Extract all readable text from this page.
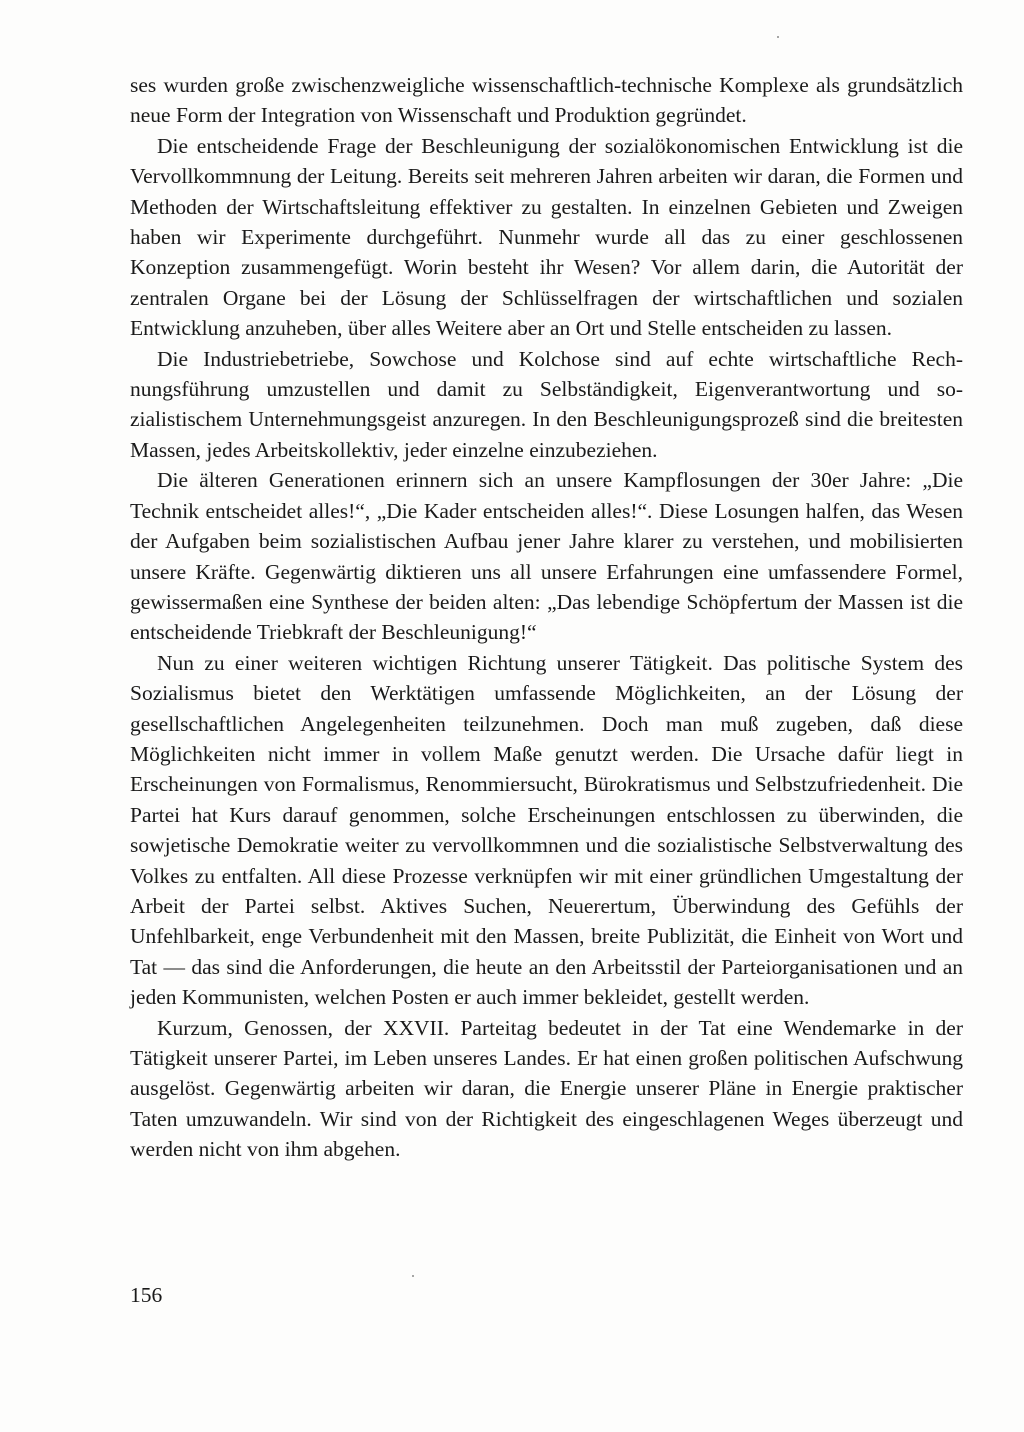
ses wurden große zwischenzweigliche wissenschaftlich-technische Komplexe als grundsätzlich neue Form der Integration von Wissenschaft und Produktion gegründet.

Die entscheidende Frage der Beschleunigung der sozialökonomischen Entwicklung ist die Vervollkommnung der Leitung. Bereits seit mehreren Jahren arbeiten wir daran, die Formen und Methoden der Wirtschaftsleitung effektiver zu gestalten. In einzelnen Gebieten und Zweigen haben wir Experimente durchgeführt. Nunmehr wurde all das zu einer geschlossenen Konzeption zusammengefügt. Worin besteht ihr Wesen? Vor allem darin, die Autorität der zentralen Organe bei der Lösung der Schlüsselfragen der wirtschaftlichen und sozialen Entwicklung anzuheben, über alles Weitere aber an Ort und Stelle entscheiden zu lassen.

Die Industriebetriebe, Sowchose und Kolchose sind auf echte wirtschaftliche Rechnungsführung umzustellen und damit zu Selbständigkeit, Eigenverantwortung und sozialistischem Unternehmungsgeist anzuregen. In den Beschleunigungsprozeß sind die breitesten Massen, jedes Arbeitskollektiv, jeder einzelne einzubeziehen.

Die älteren Generationen erinnern sich an unsere Kampflosungen der 30er Jahre: „Die Technik entscheidet alles!“, „Die Kader entscheiden alles!“. Diese Losungen halfen, das Wesen der Aufgaben beim sozialistischen Aufbau jener Jahre klarer zu verstehen, und mobilisierten unsere Kräfte. Gegenwärtig diktieren uns all unsere Erfahrungen eine umfassendere Formel, gewissermaßen eine Synthese der beiden alten: „Das lebendige Schöpfertum der Massen ist die entscheidende Triebkraft der Beschleunigung!“

Nun zu einer weiteren wichtigen Richtung unserer Tätigkeit. Das politische System des Sozialismus bietet den Werktätigen umfassende Möglichkeiten, an der Lösung der gesellschaftlichen Angelegenheiten teilzunehmen. Doch man muß zugeben, daß diese Möglichkeiten nicht immer in vollem Maße genutzt werden. Die Ursache dafür liegt in Erscheinungen von Formalismus, Renommiersucht, Bürokratismus und Selbstzufriedenheit. Die Partei hat Kurs darauf genommen, solche Erscheinungen entschlossen zu überwinden, die sowjetische Demokratie weiter zu vervollkommnen und die sozialistische Selbstverwaltung des Volkes zu entfalten. All diese Prozesse verknüpfen wir mit einer gründlichen Umgestaltung der Arbeit der Partei selbst. Aktives Suchen, Neuerertum, Überwindung des Gefühls der Unfehlbarkeit, enge Verbundenheit mit den Massen, breite Publizität, die Einheit von Wort und Tat — das sind die Anforderungen, die heute an den Arbeitsstil der Parteiorganisationen und an jeden Kommunisten, welchen Posten er auch immer bekleidet, gestellt werden.

Kurzum, Genossen, der XXVII. Parteitag bedeutet in der Tat eine Wendemarke in der Tätigkeit unserer Partei, im Leben unseres Landes. Er hat einen großen politischen Aufschwung ausgelöst. Gegenwärtig arbeiten wir daran, die Energie unserer Pläne in Energie praktischer Taten umzuwandeln. Wir sind von der Richtigkeit des eingeschlagenen Weges überzeugt und werden nicht von ihm abgehen.

156
